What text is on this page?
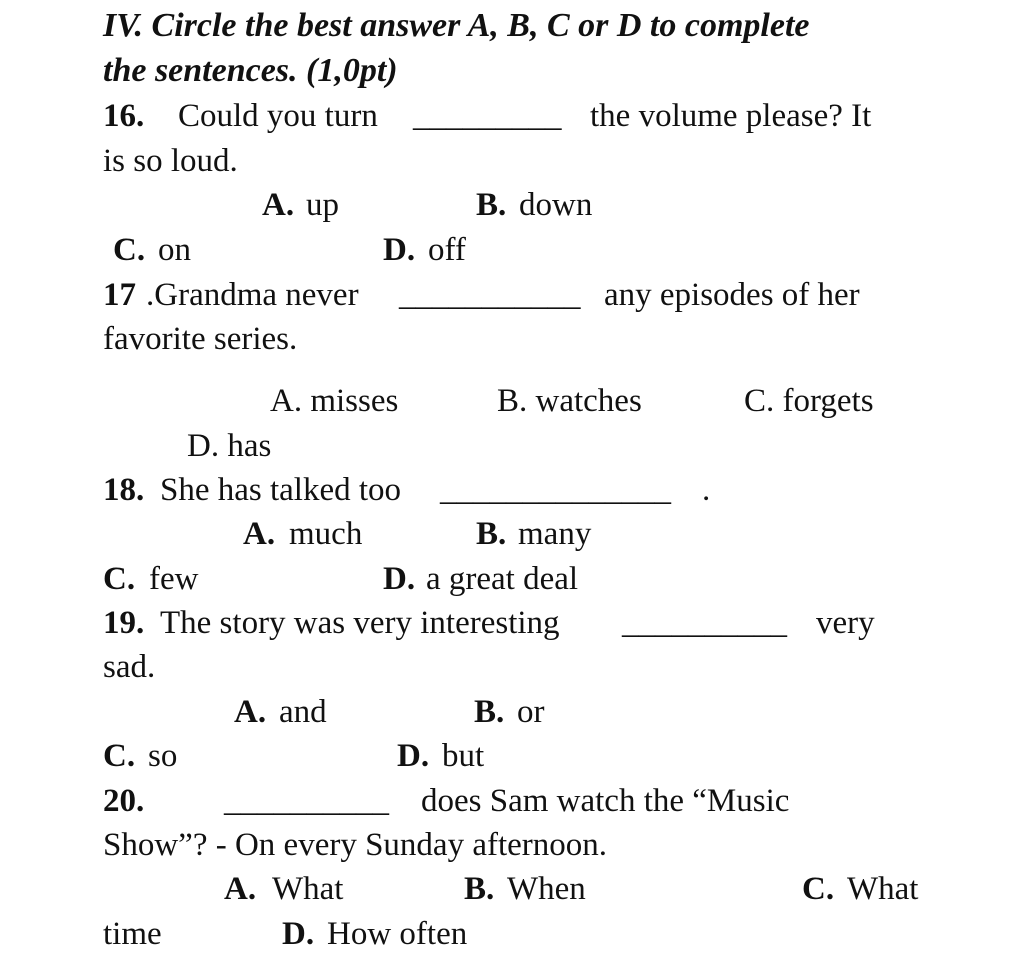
IV. Circle the best answer A, B, C or D to complete
the sentences. (1,0pt)
16. Could you turn _________ the volume please? It
is so loud.
A. up	B. down
C. on	D. off
17 .Grandma never ___________ any episodes of her
favorite series.
A. misses	B. watches	C. forgets
D. has
18. She has talked too ______________ .
A. much	B. many
C. few	D. a great deal
19. The story was very interesting __________ very
sad.
A. and	B. or
C. so	D. but
20. __________ does Sam watch the “Music
Show”? - On every Sunday afternoon.
A. What	B. When	C. What
time	D. How often
